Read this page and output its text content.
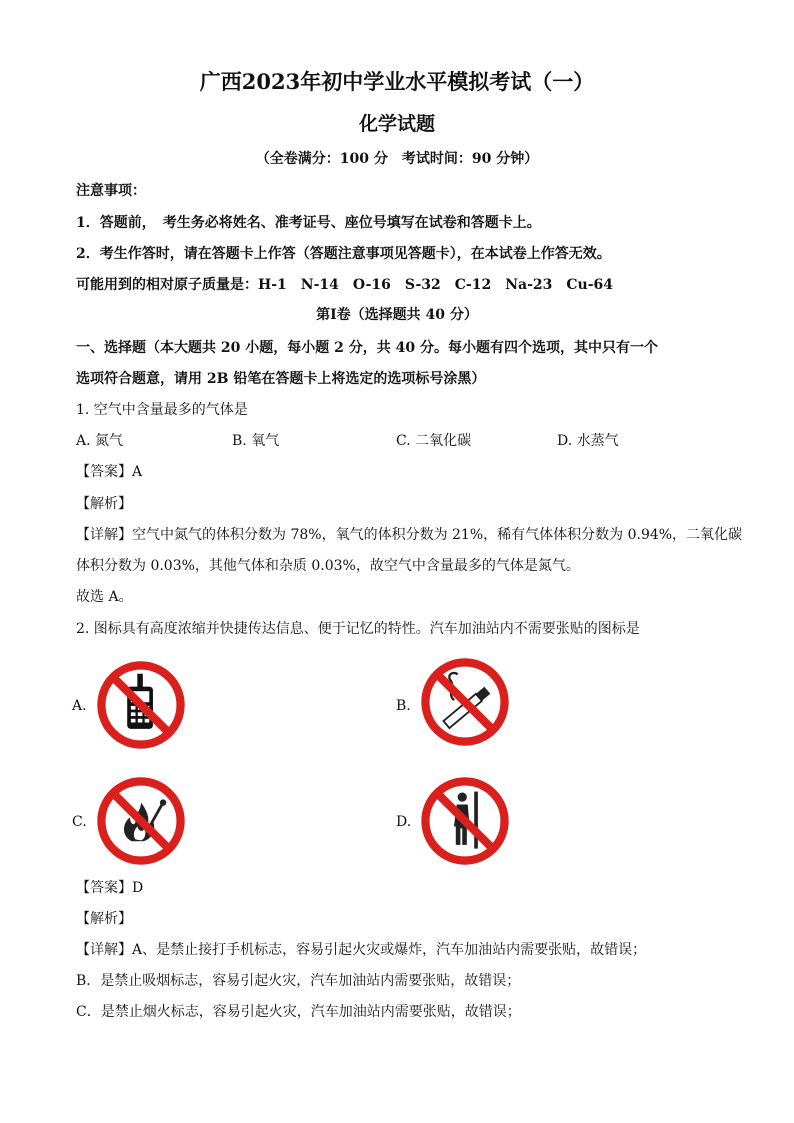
广西2023年初中学业水平模拟考试（一）
化学试题
（全卷满分：100 分　考试时间：90 分钟）
注意事项：
1．答题前，　考生务必将姓名、准考证号、座位号填写在试卷和答题卡上。
2．考生作答时，请在答题卡上作答（答题注意事项见答题卡），在本试卷上作答无效。
可能用到的相对原子质量是：H-1　N-14　O-16　S-32　C-12　Na-23　Cu-64
第Ⅰ卷（选择题共 40 分）
一、选择题（本大题共 20 小题，每小题 2 分，共 40 分。每小题有四个选项，其中只有一个
选项符合题意，请用 2B 铅笔在答题卡上将选定的选项标号涂黑）
1. 空气中含量最多的气体是
A. 氮气	B. 氧气	C. 二氧化碳	D. 水蒸气
【答案】A
【解析】
【详解】空气中氮气的体积分数为 78%，氧气的体积分数为 21%，稀有气体体积分数为 0.94%，二氧化碳
体积分数为 0.03%，其他气体和杂质 0.03%，故空气中含量最多的气体是氮气。
故选 A。
2. 图标具有高度浓缩并快捷传达信息、便于记忆的特性。汽车加油站内不需要张贴的图标是
A.	B.
C.	D.
【答案】D
【解析】
【详解】A、是禁止接打手机标志，容易引起火灾或爆炸，汽车加油站内需要张贴，故错误；
B．是禁止吸烟标志，容易引起火灾，汽车加油站内需要张贴，故错误；
C．是禁止烟火标志，容易引起火灾，汽车加油站内需要张贴，故错误；
